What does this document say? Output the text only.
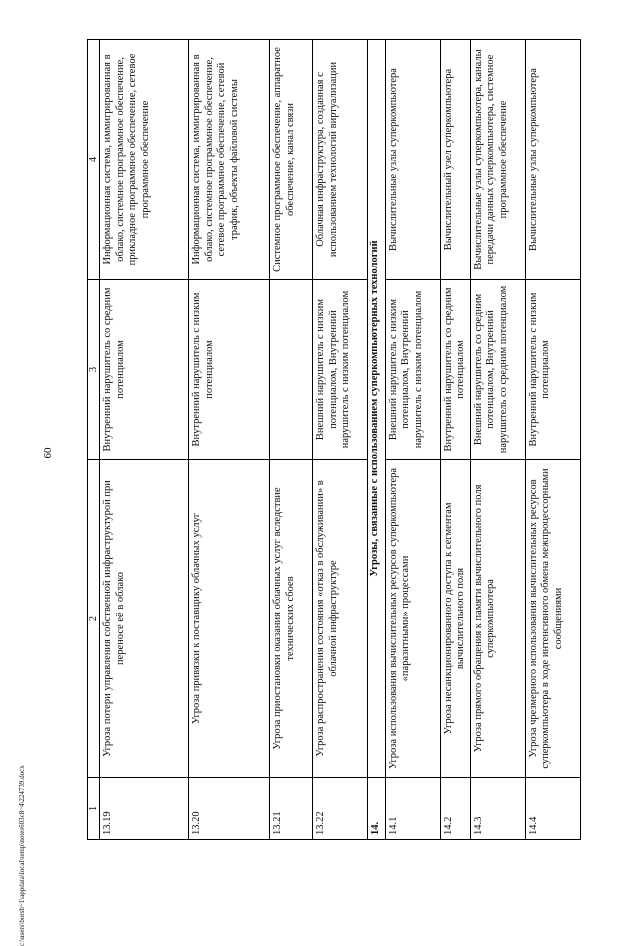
60
1	2	3	4
13.19	Угроза потери управления собственной инфраструктурой при переносе её в облако	Внутренний нарушитель со средним потенциалом	Информационная система, иммигрированная в облако, системное программное обеспечение, прикладное программное обеспечение, сетевое программное обеспечение
13.20	Угроза привязки к поставщику облачных услуг	Внутренний нарушитель с низким потенциалом	Информационная система, иммигрированная в облако, системное программное обеспечение, сетевое программное обеспечение, сетевой трафик, объекты файловой системы
13.21	Угроза приостановки оказания облачных услуг вследствие технических сбоев		Системное программное обеспечение, аппаратное обеспечение, канал связи
13.22	Угроза распространения состояния «отказ в обслуживании» в облачной инфраструктуре	Внешний нарушитель с низким потенциалом, Внутренний нарушитель с низким потенциалом	Облачная инфраструктура, созданная с использованием технологий виртуализации
14.	Угрозы, связанные с использованием суперкомпьютерных технологий		
14.1	Угроза использования вычислительных ресурсов суперкомпьютера «паразитными» процессами	Внешний нарушитель с низким потенциалом, Внутренний нарушитель с низким потенциалом	Вычислительные узлы суперкомпьютера
14.2	Угроза несанкционированного доступа к сегментам вычислительного поля	Внутренний нарушитель со средним потенциалом	Вычислительный узел суперкомпьютера
14.3	Угроза прямого обращения к памяти вычислительного поля суперкомпьютера	Внешний нарушитель со средним потенциалом, Внутренний нарушитель со средним потенциалом	Вычислительные узлы суперкомпьютера, каналы передачи данных суперкомпьютера, системное программное обеспечение
14.4	Угроза чрезмерного использования вычислительных ресурсов суперкомпьютера в ходе интенсивного обмена межпроцессорными сообщениями	Внутренний нарушитель с низким потенциалом	Вычислительные узлы суперкомпьютера
c:\users\borsh~1\appdata\local\temp\notes603c8~4\224739.docx
